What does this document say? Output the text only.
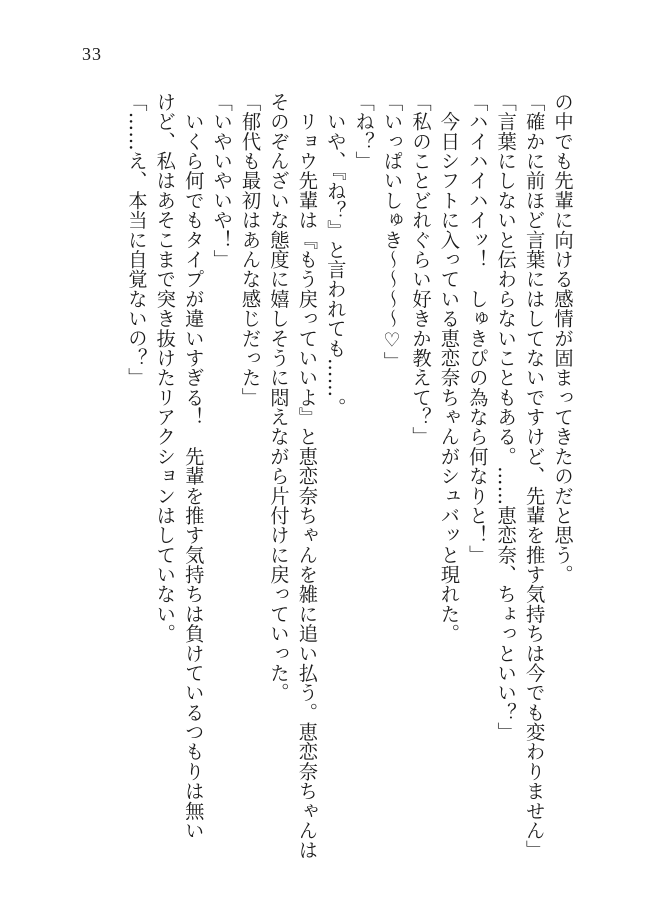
33

の中でも先輩に向ける感情が固まってきたのだと思う。

「確かに前ほど言葉にはしてないですけど、先輩を推す気持ちは今でも変わりません」

「言葉にしないと伝わらないこともある。……恵恋奈、ちょっといい？」

「ハイハイハイッ！　しゅきぴの為なら何なりと！」

　今日シフトに入っている恵恋奈ちゃんがシュバッと現れた。

「私のことどれぐらい好きか教えて？」

「いっぱいしゅき〜〜〜〜♡」

「ね？」

　いや、『ね？』と言われても……。

　リョウ先輩は『もう戻っていいよ』と恵恋奈ちゃんを雑に追い払う。恵恋奈ちゃんは

そのぞんざいな態度に嬉しそうに悶えながら片付けに戻っていった。

「郁代も最初はあんな感じだった」

「いやいやいや！」

　いくら何でもタイプが違いすぎる！　先輩を推す気持ちは負けているつもりは無い

けど、私はあそこまで突き抜けたリアクションはしていない。

「……え、本当に自覚ないの？」
